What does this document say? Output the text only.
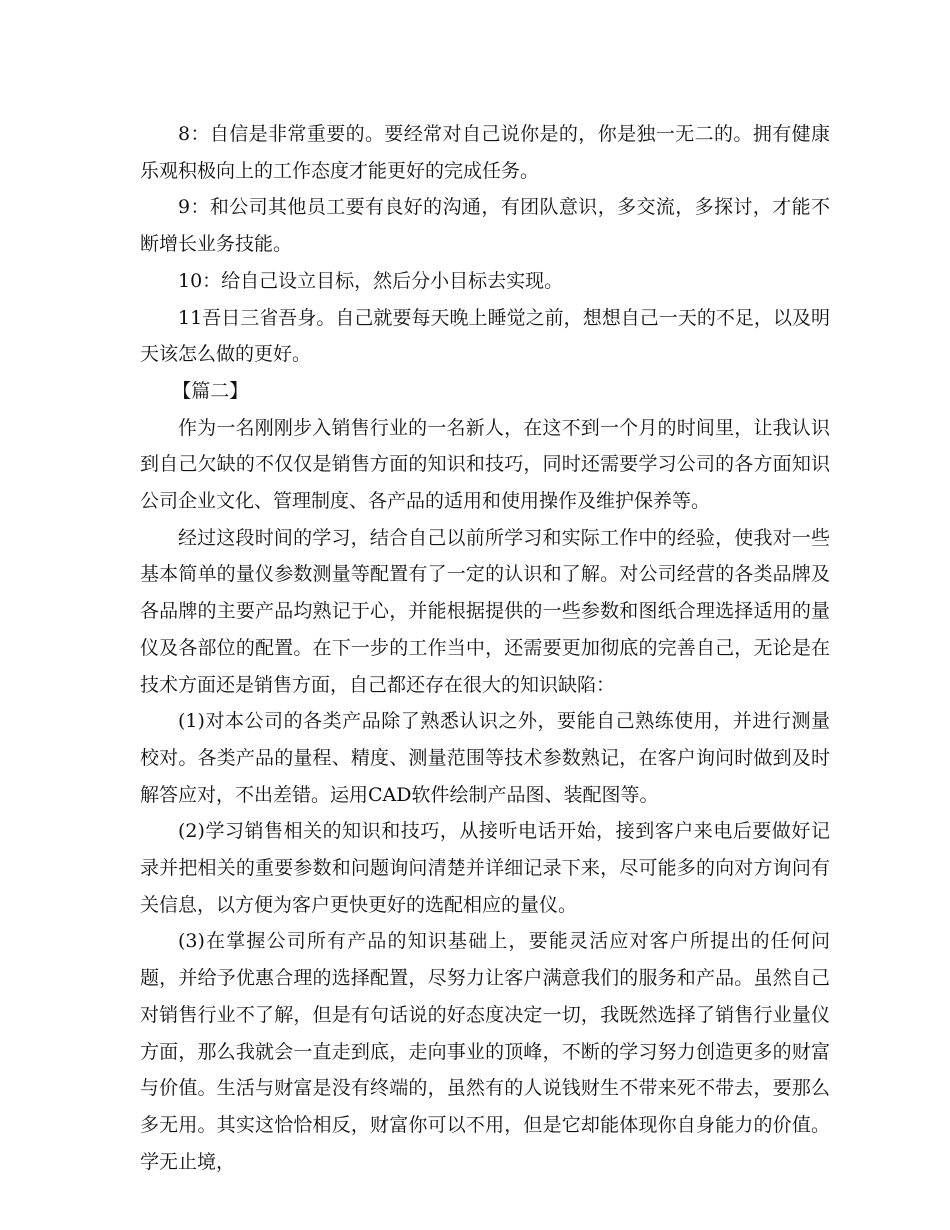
8：自信是非常重要的。要经常对自己说你是的，你是独一无二的。拥有健康乐观积极向上的工作态度才能更好的完成任务。

9：和公司其他员工要有良好的沟通，有团队意识，多交流，多探讨，才能不断增长业务技能。

10：给自己设立目标，然后分小目标去实现。

11吾日三省吾身。自己就要每天晚上睡觉之前，想想自己一天的不足，以及明天该怎么做的更好。

【篇二】

作为一名刚刚步入销售行业的一名新人，在这不到一个月的时间里，让我认识到自己欠缺的不仅仅是销售方面的知识和技巧，同时还需要学习公司的各方面知识公司企业文化、管理制度、各产品的适用和使用操作及维护保养等。

经过这段时间的学习，结合自己以前所学习和实际工作中的经验，使我对一些基本简单的量仪参数测量等配置有了一定的认识和了解。对公司经营的各类品牌及各品牌的主要产品均熟记于心，并能根据提供的一些参数和图纸合理选择适用的量仪及各部位的配置。在下一步的工作当中，还需要更加彻底的完善自己，无论是在技术方面还是销售方面，自己都还存在很大的知识缺陷：

(1)对本公司的各类产品除了熟悉认识之外，要能自己熟练使用，并进行测量校对。各类产品的量程、精度、测量范围等技术参数熟记，在客户询问时做到及时解答应对，不出差错。运用CAD软件绘制产品图、装配图等。

(2)学习销售相关的知识和技巧，从接听电话开始，接到客户来电后要做好记录并把相关的重要参数和问题询问清楚并详细记录下来，尽可能多的向对方询问有关信息，以方便为客户更快更好的选配相应的量仪。

(3)在掌握公司所有产品的知识基础上，要能灵活应对客户所提出的任何问题，并给予优惠合理的选择配置，尽努力让客户满意我们的服务和产品。虽然自己对销售行业不了解，但是有句话说的好态度决定一切，我既然选择了销售行业量仪方面，那么我就会一直走到底，走向事业的顶峰，不断的学习努力创造更多的财富与价值。生活与财富是没有终端的，虽然有的人说钱财生不带来死不带去，要那么多无用。其实这恰恰相反，财富你可以不用，但是它却能体现你自身能力的价值。学无止境，
